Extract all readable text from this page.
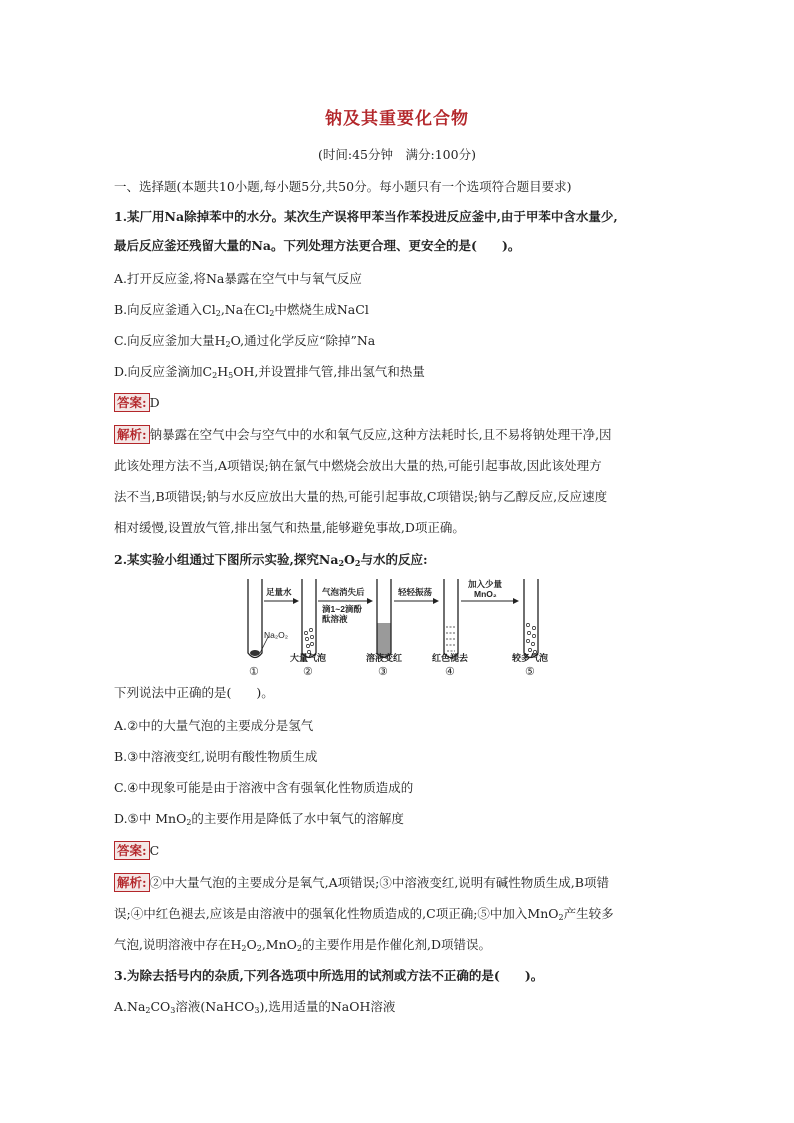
钠及其重要化合物
(时间:45分钟　满分:100分)
一、选择题(本题共10小题,每小题5分,共50分。每小题只有一个选项符合题目要求)
1.某厂用Na除掉苯中的水分。某次生产误将甲苯当作苯投进反应釜中,由于甲苯中含水量少,
最后反应釜还残留大量的Na。下列处理方法更合理、更安全的是(　　)。
A.打开反应釜,将Na暴露在空气中与氧气反应
B.向反应釜通入$Cl_2,Na$在$Cl_2$中燃烧生成NaCl
C.向反应釜加大量$H_2O$,通过化学反应“除掉”Na
D.向反应釜滴加$C_2H_5OH$,并设置排气管,排出氢气和热量
答案: D
解析: 钠暴露在空气中会与空气中的水和氧气反应,这种方法耗时长,且不易将钠处理干净,因
此该处理方法不当,A项错误;钠在氯气中燃烧会放出大量的热,可能引起事故,因此该处理方
法不当,B项错误;钠与水反应放出大量的热,可能引起事故,C项错误;钠与乙醇反应,反应速度
相对缓慢,设置放气管,排出氢气和热量,能够避免事故,D项正确。
2.某实验小组通过下图所示实验,探究$Na_2O_2$与水的反应:
Na₂O₂
足量水	气泡消失后
滴1~2滴酚
酞溶液
轻轻振荡
加入少量
MnO₂
大量气泡	溶液变红	红色褪去	较多气泡
①	②	③	④	⑤
下列说法中正确的是(　　)。
A.②中的大量气泡的主要成分是氢气
B.③中溶液变红,说明有酸性物质生成
C.④中现象可能是由于溶液中含有强氧化性物质造成的
D.⑤中 MnO$_2$的主要作用是降低了水中氧气的溶解度
答案: C
解析: ②中大量气泡的主要成分是氧气,A项错误;③中溶液变红,说明有碱性物质生成,B项错
误;④中红色褪去,应该是由溶液中的强氧化性物质造成的,C项正确;⑤中加入MnO$_2$产生较多
气泡,说明溶液中存在$H_2O_2,MnO_2$的主要作用是作催化剂,D项错误。
3.为除去括号内的杂质,下列各选项中所选用的试剂或方法不正确的是(　　)。
$A.Na_2CO_3$溶液(NaHCO$_3$),选用适量的NaOH溶液
